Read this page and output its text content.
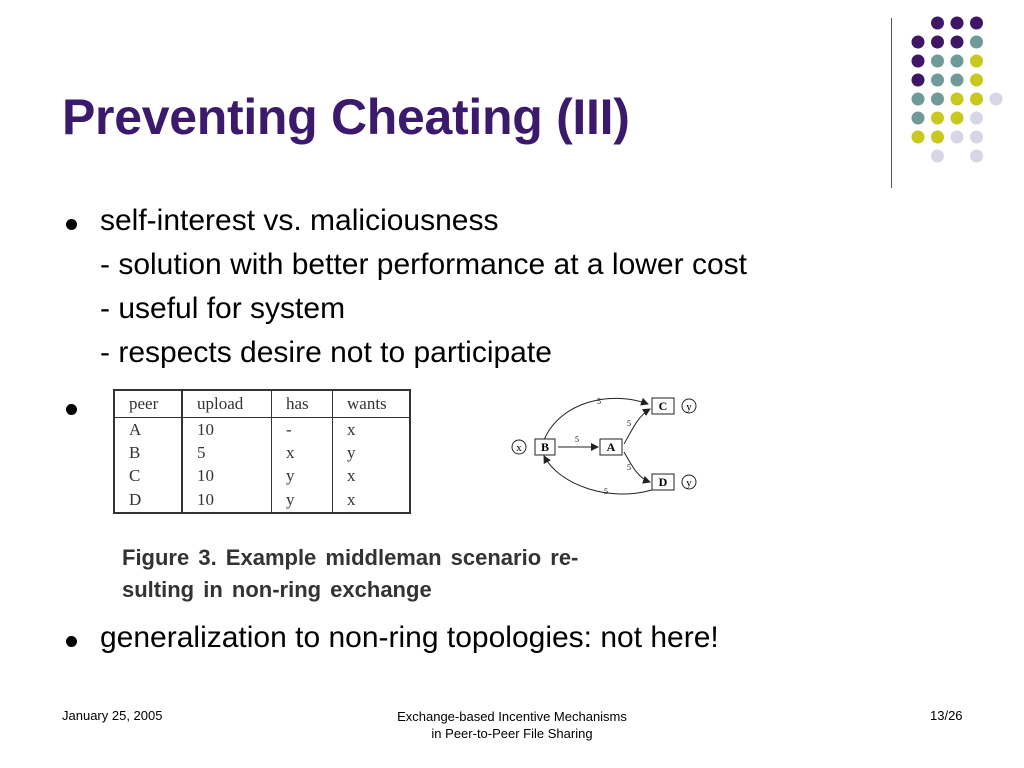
Preventing Cheating (III)
self-interest vs. maliciousness
- solution with better performance at a lower cost
- useful for system
- respects desire not to participate
peer	upload	has	wants
A	10	-	x
B	5	x	y
C	10	y	x
D	10	y	x
5
5
5
5
5
x
y
y
B	A
C
D
Figure 3. Example middleman scenario re-
sulting in non-ring exchange
generalization to non-ring topologies: not here!
January 25, 2005	Exchange-based Incentive Mechanisms
in Peer-to-Peer File Sharing
13/26
